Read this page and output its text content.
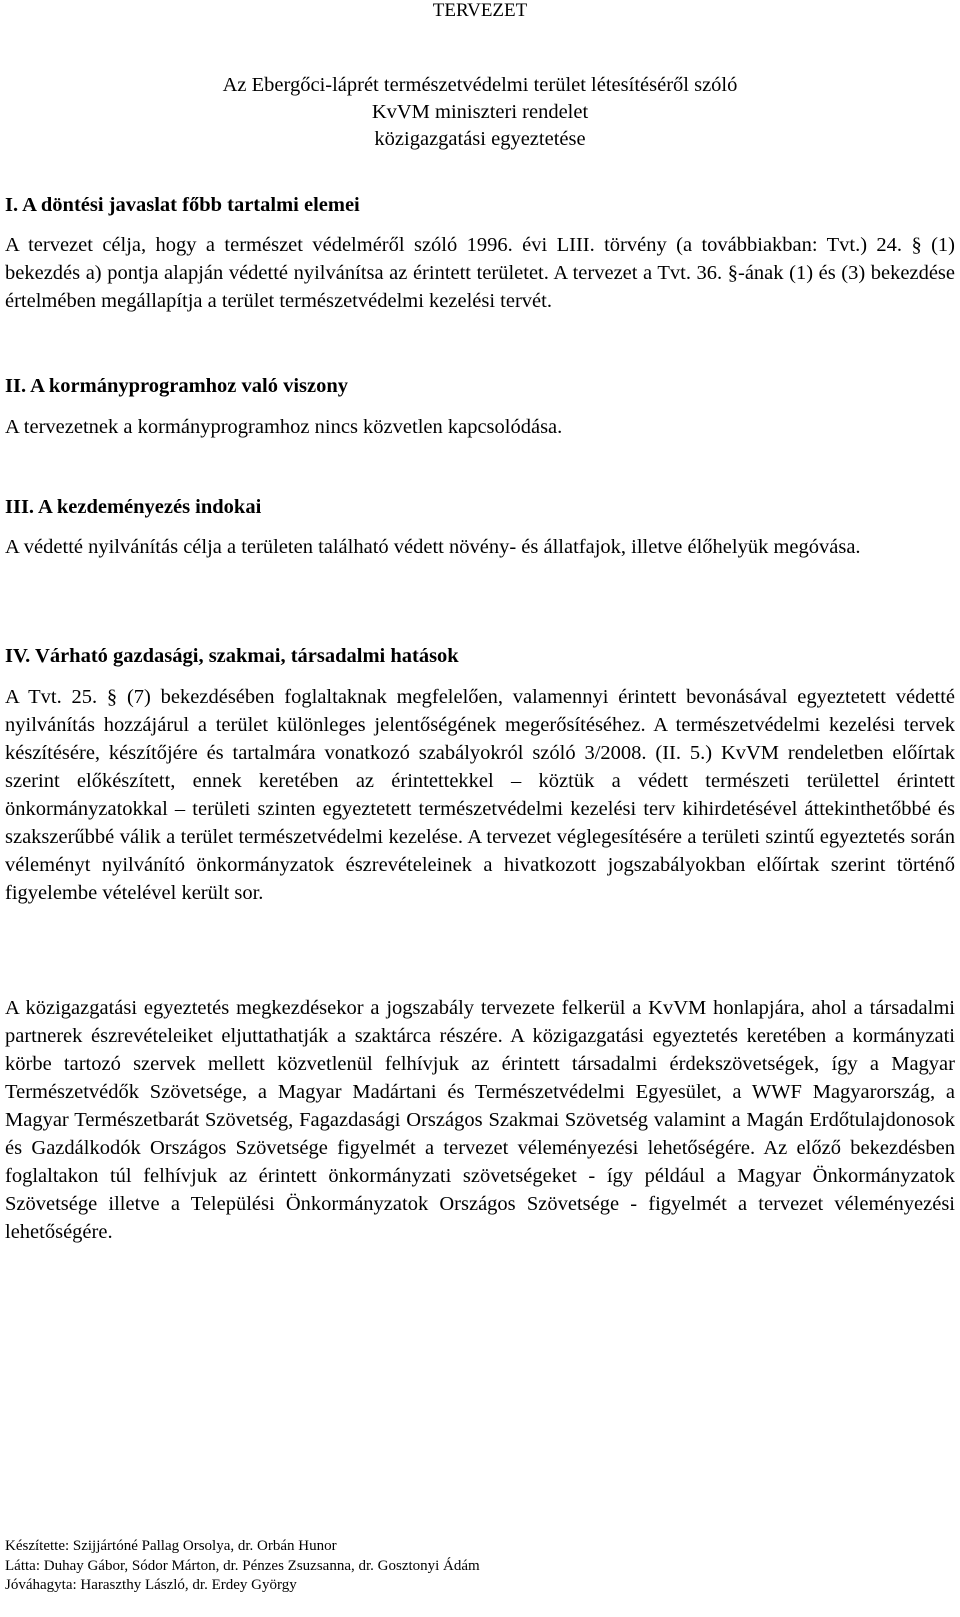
TERVEZET
Az Ebergőci-láprét természetvédelmi terület létesítéséről szóló
KvVM miniszteri rendelet
közigazgatási egyeztetése
I. A döntési javaslat főbb tartalmi elemei
A tervezet célja, hogy a természet védelméről szóló 1996. évi LIII. törvény (a továbbiakban: Tvt.) 24. § (1) bekezdés a) pontja alapján védetté nyilvánítsa az érintett területet. A tervezet a Tvt. 36. §-ának (1) és (3) bekezdése értelmében megállapítja a terület természetvédelmi kezelési tervét.
II. A kormányprogramhoz való viszony
A tervezetnek a kormányprogramhoz nincs közvetlen kapcsolódása.
III. A kezdeményezés indokai
A védetté nyilvánítás célja a területen található védett növény- és állatfajok, illetve élőhelyük megóvása.
IV. Várható gazdasági, szakmai, társadalmi hatások
A Tvt. 25. § (7) bekezdésében foglaltaknak megfelelően, valamennyi érintett bevonásával egyeztetett védetté nyilvánítás hozzájárul a terület különleges jelentőségének megerősítéséhez. A természetvédelmi kezelési tervek készítésére, készítőjére és tartalmára vonatkozó szabályokról szóló 3/2008. (II. 5.) KvVM rendeletben előírtak szerint előkészített, ennek keretében az érintettekkel – köztük a védett természeti területtel érintett önkormányzatokkal – területi szinten egyeztetett természetvédelmi kezelési terv kihirdetésével áttekinthetőbbé és szakszerűbbé válik a terület természetvédelmi kezelése. A tervezet véglegesítésére a területi szintű egyeztetés során véleményt nyilvánító önkormányzatok észrevételeinek a hivatkozott jogszabályokban előírtak szerint történő figyelembe vételével került sor.
A közigazgatási egyeztetés megkezdésekor a jogszabály tervezete felkerül a KvVM honlapjára, ahol a társadalmi partnerek észrevételeiket eljuttathatják a szaktárca részére. A közigazgatási egyeztetés keretében a kormányzati körbe tartozó szervek mellett közvetlenül felhívjuk az érintett társadalmi érdekszövetségek, így a Magyar Természetvédők Szövetsége, a Magyar Madártani és Természetvédelmi Egyesület, a WWF Magyarország, a Magyar Természetbarát Szövetség, Fagazdasági Országos Szakmai Szövetség valamint a Magán Erdőtulajdonosok és Gazdálkodók Országos Szövetsége figyelmét a tervezet véleményezési lehetőségére. Az előző bekezdésben foglaltakon túl felhívjuk az érintett önkormányzati szövetségeket - így például a Magyar Önkormányzatok Szövetsége illetve a Települési Önkormányzatok Országos Szövetsége - figyelmét a tervezet véleményezési lehetőségére.
Készítette: Szijjártóné Pallag Orsolya, dr. Orbán Hunor
Látta: Duhay Gábor, Sódor Márton, dr. Pénzes Zsuzsanna, dr. Gosztonyi Ádám
Jóváhagyta: Haraszthy László, dr. Erdey György
